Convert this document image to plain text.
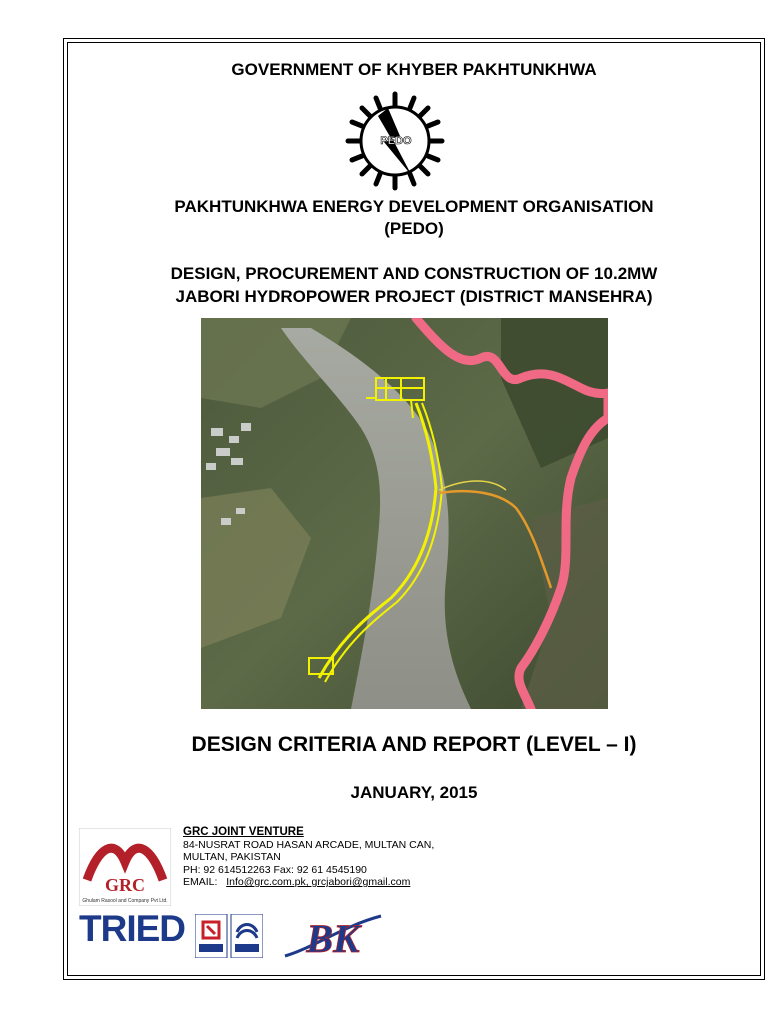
GOVERNMENT OF KHYBER PAKHTUNKHWA
PEDO
PAKHTUNKHWA ENERGY DEVELOPMENT ORGANISATION
(PEDO)
DESIGN, PROCUREMENT AND CONSTRUCTION OF 10.2MW
JABORI HYDROPOWER PROJECT (DISTRICT MANSEHRA)
DESIGN CRITERIA AND REPORT (LEVEL – I)
JANUARY, 2015
GRC
Ghulam Rasool and Company Pvt Ltd.
GRC JOINT VENTURE
84-NUSRAT ROAD HASAN ARCADE, MULTAN CAN,
MULTAN, PAKISTAN
PH: 92 614512263 Fax: 92 61 4545190
EMAIL: Info@grc.com.pk, grcjabori@gmail.com
TRIED	BK
